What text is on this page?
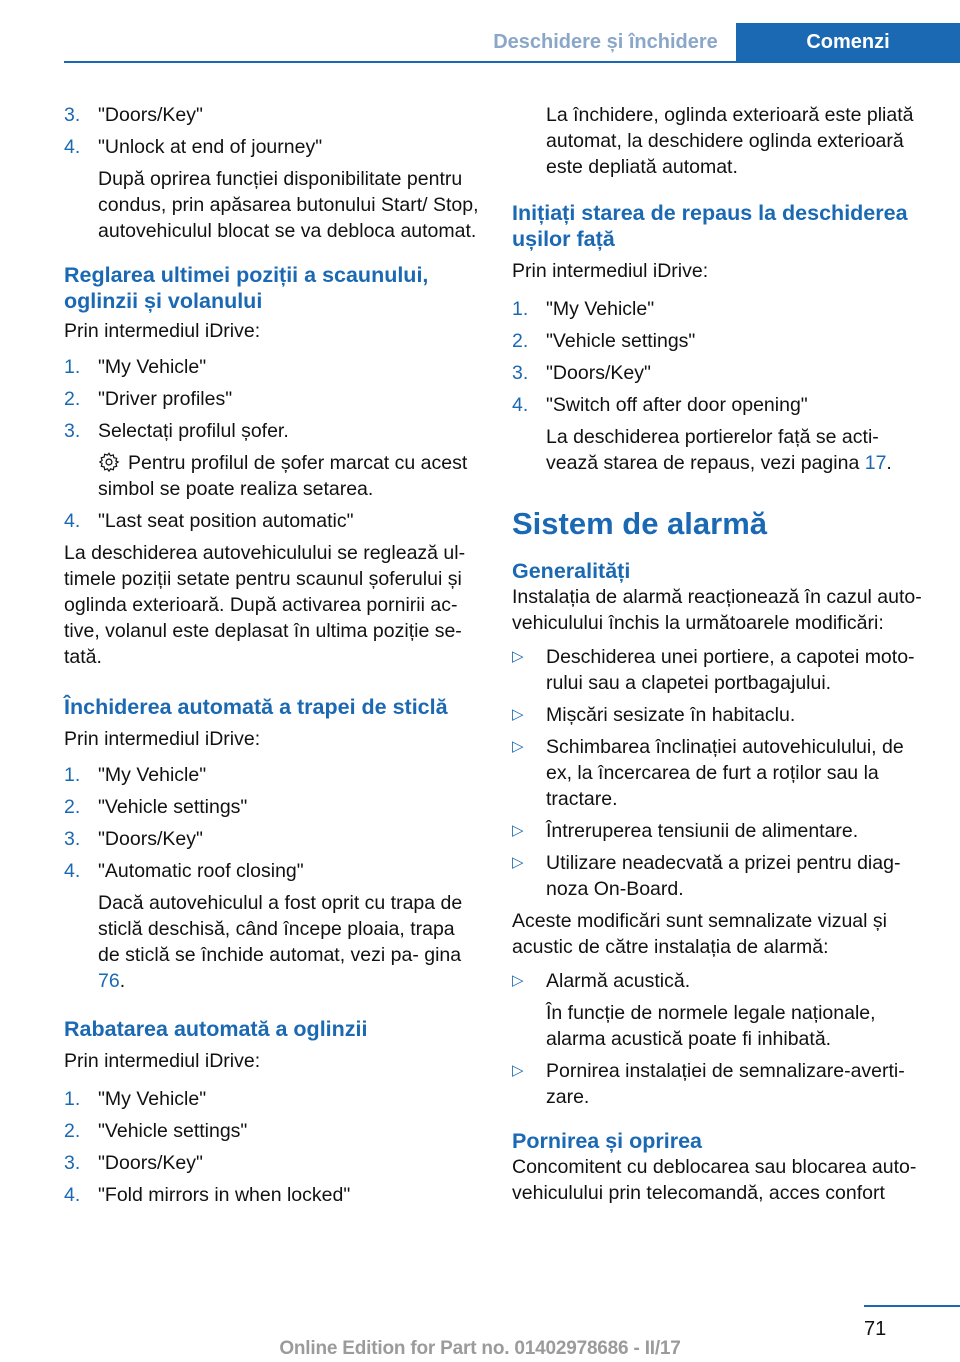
Deschidere și închidere	Comenzi
3. "Doors/Key"
4. "Unlock at end of journey"
După oprirea funcției disponibilitate pentru condus, prin apăsarea butonului Start/ Stop, autovehiculul blocat se va debloca automat.
Reglarea ultimei poziții a scaunului, oglinzii și volanului

Prin intermediul iDrive:

1. "My Vehicle"
2. "Driver profiles"
3. Selectați profilul șofer.
Pentru profilul de șofer marcat cu acest simbol se poate realiza setarea.
4. "Last seat position automatic"

La deschiderea autovehiculului se reglează ul‐ timele poziții setate pentru scaunul șoferului și oglinda exterioară. După activarea pornirii ac‐ tive, volanul este deplasat în ultima poziție se‐ tată.

Închiderea automată a trapei de sticlă

Prin intermediul iDrive:

1. "My Vehicle"
2. "Vehicle settings"
3. "Doors/Key"
4. "Automatic roof closing"
Dacă autovehiculul a fost oprit cu trapa de sticlă deschisă, când începe ploaia, trapa de sticlă se închide automat, vezi pa‐ gina 76.
Rabatarea automată a oglinzii

Prin intermediul iDrive:

1. "My Vehicle"
2. "Vehicle settings"
3. "Doors/Key"
4. "Fold mirrors in when locked"
La închidere, oglinda exterioară este pliată automat, la deschidere oglinda exterioară este depliată automat.
Inițiați starea de repaus la deschiderea ușilor față

Prin intermediul iDrive:

1. "My Vehicle"
2. "Vehicle settings"
3. "Doors/Key"
4. "Switch off after door opening"
La deschiderea portierelor față se acti‐ vează starea de repaus, vezi pagina 17.
Sistem de alarmă
Generalități

Instalația de alarmă reacționează în cazul auto‐ vehiculului închis la următoarele modificări:

▷	Deschiderea unei portiere, a capotei moto‐ rului sau a clapetei portbagajului.
▷	Mișcări sesizate în habitaclu.
▷	Schimbarea înclinației autovehiculului, de ex, la încercarea de furt a roților sau la tractare.
▷	Întreruperea tensiunii de alimentare.
▷	Utilizare neadecvată a prizei pentru diag‐ noza On-Board.

Aceste modificări sunt semnalizate vizual și acustic de către instalația de alarmă:

▷	Alarmă acustică.
În funcție de normele legale naționale, alarma acustică poate fi inhibată.
▷	Pornirea instalației de semnalizare-averti‐ zare.
Pornirea și oprirea

Concomitent cu deblocarea sau blocarea auto‐ vehiculului prin telecomandă, acces confort

71
Online Edition for Part no. 01402978686 - II/17
